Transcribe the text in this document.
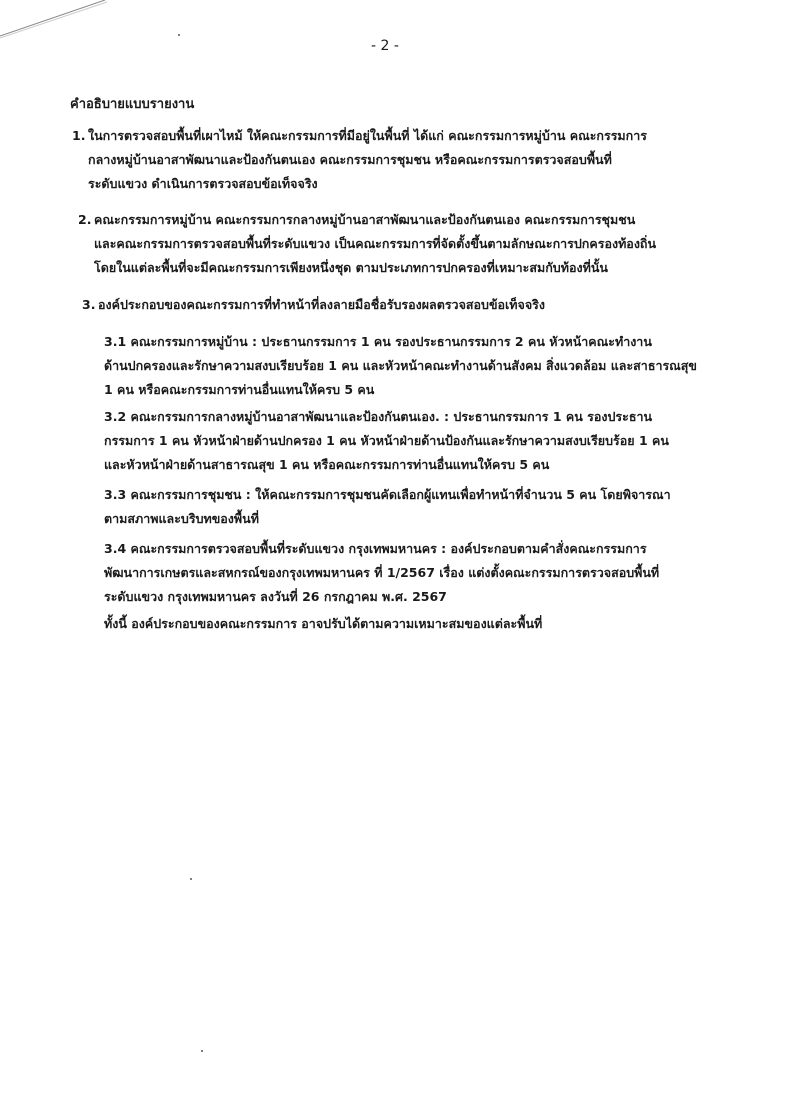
- 2 -
คำอธิบายแบบรายงาน
1. ในการตรวจสอบพื้นที่เผาไหม้ ให้คณะกรรมการที่มีอยู่ในพื้นที่ ได้แก่ คณะกรรมการหมู่บ้าน คณะกรรมการ
กลางหมู่บ้านอาสาพัฒนาและป้องกันตนเอง คณะกรรมการชุมชน หรือคณะกรรมการตรวจสอบพื้นที่
ระดับแขวง ดำเนินการตรวจสอบข้อเท็จจริง
2. คณะกรรมการหมู่บ้าน คณะกรรมการกลางหมู่บ้านอาสาพัฒนาและป้องกันตนเอง คณะกรรมการชุมชน
และคณะกรรมการตรวจสอบพื้นที่ระดับแขวง เป็นคณะกรรมการที่จัดตั้งขึ้นตามลักษณะการปกครองท้องถิ่น
โดยในแต่ละพื้นที่จะมีคณะกรรมการเพียงหนึ่งชุด ตามประเภทการปกครองที่เหมาะสมกับท้องที่นั้น
3. องค์ประกอบของคณะกรรมการที่ทำหน้าที่ลงลายมือชื่อรับรองผลตรวจสอบข้อเท็จจริง
3.1 คณะกรรมการหมู่บ้าน : ประธานกรรมการ 1 คน รองประธานกรรมการ 2 คน หัวหน้าคณะทำงาน
ด้านปกครองและรักษาความสงบเรียบร้อย 1 คน และหัวหน้าคณะทำงานด้านสังคม สิ่งแวดล้อม และสาธารณสุข
1 คน หรือคณะกรรมการท่านอื่นแทนให้ครบ 5 คน
3.2 คณะกรรมการกลางหมู่บ้านอาสาพัฒนาและป้องกันตนเอง. : ประธานกรรมการ 1 คน รองประธาน
กรรมการ 1 คน หัวหน้าฝ่ายด้านปกครอง 1 คน หัวหน้าฝ่ายด้านป้องกันและรักษาความสงบเรียบร้อย 1 คน
และหัวหน้าฝ่ายด้านสาธารณสุข 1 คน หรือคณะกรรมการท่านอื่นแทนให้ครบ 5 คน
3.3 คณะกรรมการชุมชน : ให้คณะกรรมการชุมชนคัดเลือกผู้แทนเพื่อทำหน้าที่จำนวน 5 คน โดยพิจารณา
ตามสภาพและบริบทของพื้นที่
3.4 คณะกรรมการตรวจสอบพื้นที่ระดับแขวง กรุงเทพมหานคร : องค์ประกอบตามคำสั่งคณะกรรมการ
พัฒนาการเกษตรและสหกรณ์ของกรุงเทพมหานคร ที่ 1/2567 เรื่อง แต่งตั้งคณะกรรมการตรวจสอบพื้นที่
ระดับแขวง กรุงเทพมหานคร ลงวันที่ 26 กรกฎาคม พ.ศ. 2567
ทั้งนี้ องค์ประกอบของคณะกรรมการ อาจปรับได้ตามความเหมาะสมของแต่ละพื้นที่
